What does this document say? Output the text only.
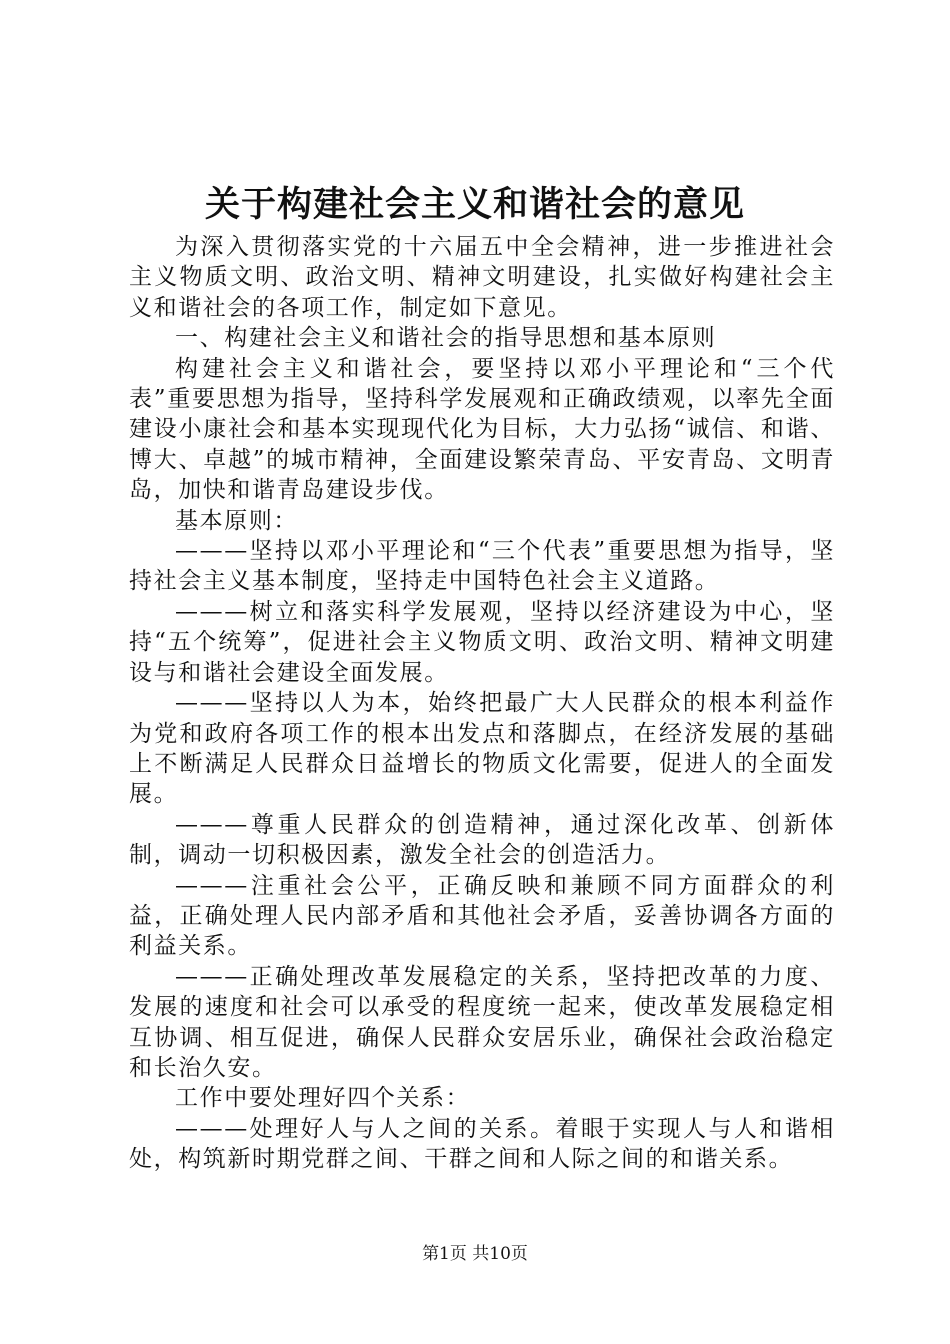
关于构建社会主义和谐社会的意见

为深入贯彻落实党的十六届五中全会精神，进一步推进社会主义物质文明、政治文明、精神文明建设，扎实做好构建社会主义和谐社会的各项工作，制定如下意见。

一、构建社会主义和谐社会的指导思想和基本原则

构建社会主义和谐社会，要坚持以邓小平理论和“三个代表”重要思想为指导，坚持科学发展观和正确政绩观，以率先全面建设小康社会和基本实现现代化为目标，大力弘扬“诚信、和谐、博大、卓越”的城市精神，全面建设繁荣青岛、平安青岛、文明青岛，加快和谐青岛建设步伐。

基本原则：

———坚持以邓小平理论和“三个代表”重要思想为指导，坚持社会主义基本制度，坚持走中国特色社会主义道路。

———树立和落实科学发展观，坚持以经济建设为中心，坚持“五个统筹”，促进社会主义物质文明、政治文明、精神文明建设与和谐社会建设全面发展。

———坚持以人为本，始终把最广大人民群众的根本利益作为党和政府各项工作的根本出发点和落脚点，在经济发展的基础上不断满足人民群众日益增长的物质文化需要，促进人的全面发展。

———尊重人民群众的创造精神，通过深化改革、创新体制，调动一切积极因素，激发全社会的创造活力。

———注重社会公平，正确反映和兼顾不同方面群众的利益，正确处理人民内部矛盾和其他社会矛盾，妥善协调各方面的利益关系。

———正确处理改革发展稳定的关系，坚持把改革的力度、发展的速度和社会可以承受的程度统一起来，使改革发展稳定相互协调、相互促进，确保人民群众安居乐业，确保社会政治稳定和长治久安。

工作中要处理好四个关系：

———处理好人与人之间的关系。着眼于实现人与人和谐相处，构筑新时期党群之间、干群之间和人际之间的和谐关系。

第1页 共10页
